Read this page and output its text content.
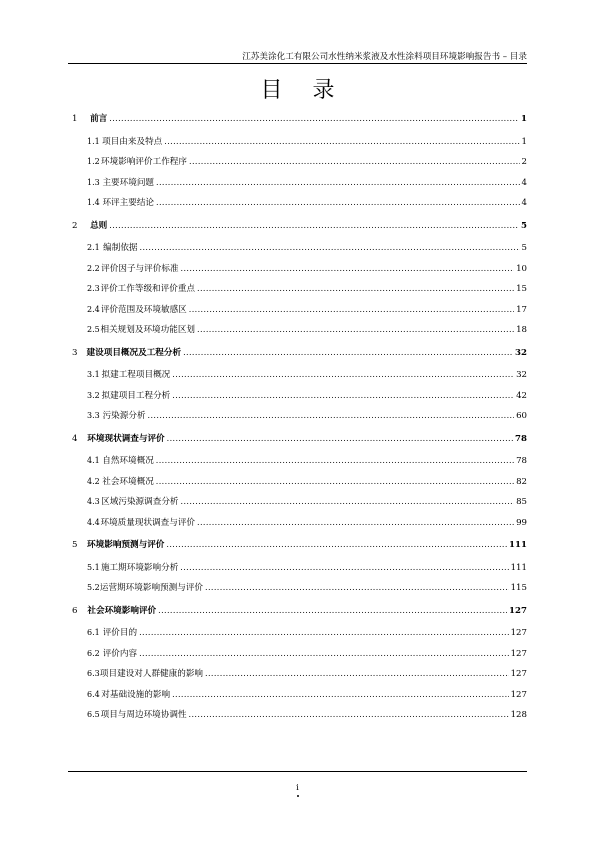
江苏美涂化工有限公司水性纳米浆液及水性涂料项目环境影响报告书 – 目录
目录
1	前言 .....	1
1.1 项目由来及特点 .....	1
1.2 环境影响评价工作程序 .....	2
1.3 主要环境问题 .....	4
1.4 环评主要结论 .....	4
2	总则 .....	5
2.1 编制依据 .....	5
2.2 评价因子与评价标准 .....	10
2.3 评价工作等级和评价重点 .....	15
2.4 评价范围及环境敏感区 .....	17
2.5 相关规划及环境功能区划 .....	18
3	建设项目概况及工程分析 .....	32
3.1 拟建工程项目概况 .....	32
3.2 拟建项目工程分析 .....	42
3.3 污染源分析 .....	60
4	环境现状调查与评价 .....	78
4.1 自然环境概况 .....	78
4.2 社会环境概况 .....	82
4.3 区域污染源调查分析 .....	85
4.4 环境质量现状调查与评价 .....	99
5	环境影响预测与评价 .....	111
5.1 施工期环境影响分析 .....	111
5.2 运营期环境影响预测与评价 .....	115
6	社会环境影响评价 .....	127
6.1 评价目的 .....	127
6.2 评价内容 .....	127
6.3 项目建设对人群健康的影响 .....	127
6.4 对基础设施的影响 .....	127
6.5 项目与周边环境协调性 .....	128
i
